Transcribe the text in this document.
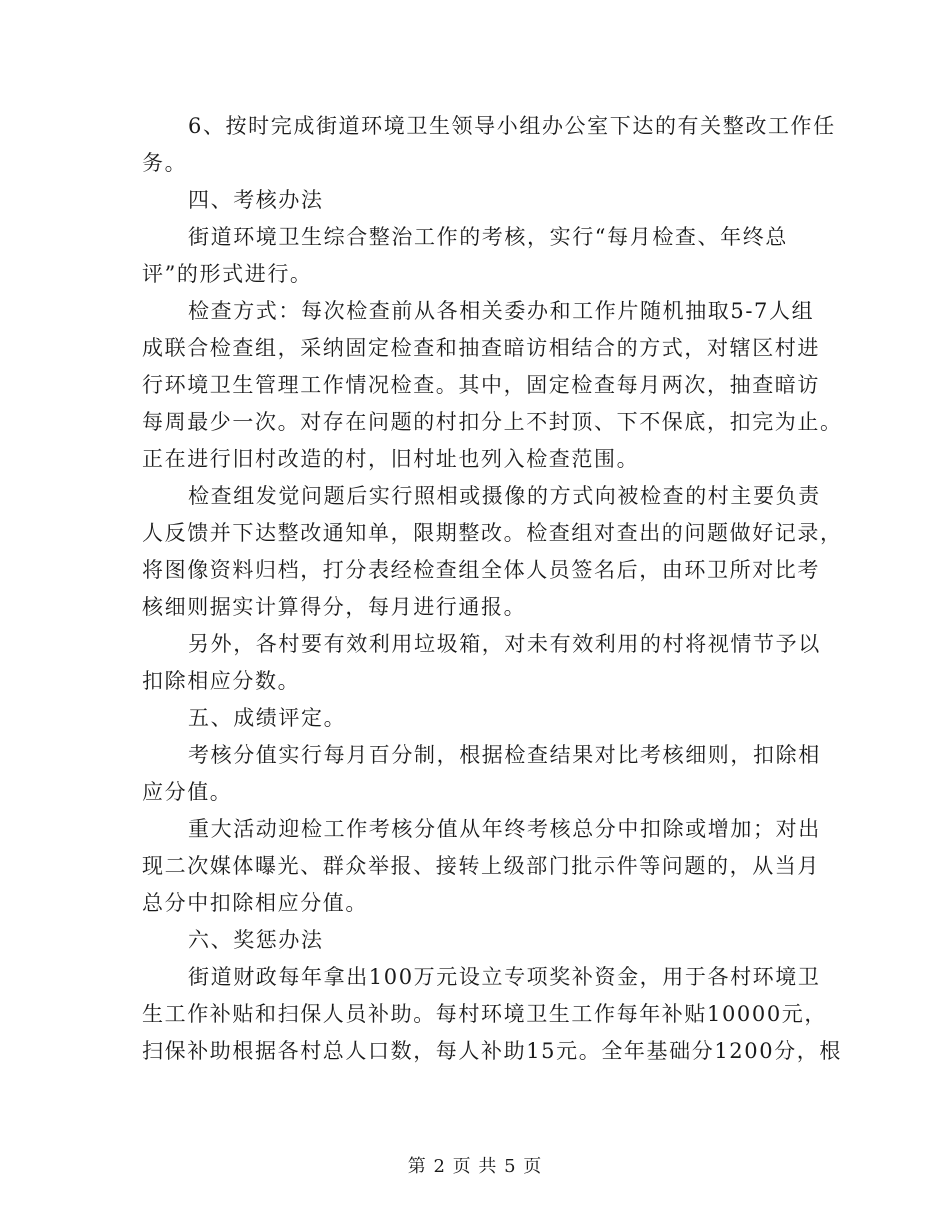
6、按时完成街道环境卫生领导小组办公室下达的有关整改工作任
务。
四、考核办法
街道环境卫生综合整治工作的考核，实行“每月检查、年终总
评”的形式进行。
检查方式：每次检查前从各相关委办和工作片随机抽取5-7人组
成联合检查组，采纳固定检查和抽查暗访相结合的方式，对辖区村进
行环境卫生管理工作情况检查。其中，固定检查每月两次，抽查暗访
每周最少一次。对存在问题的村扣分上不封顶、下不保底，扣完为止。
正在进行旧村改造的村，旧村址也列入检查范围。
检查组发觉问题后实行照相或摄像的方式向被检查的村主要负责
人反馈并下达整改通知单，限期整改。检查组对查出的问题做好记录，
将图像资料归档，打分表经检查组全体人员签名后，由环卫所对比考
核细则据实计算得分，每月进行通报。
另外，各村要有效利用垃圾箱，对未有效利用的村将视情节予以
扣除相应分数。
五、成绩评定。
考核分值实行每月百分制，根据检查结果对比考核细则，扣除相
应分值。
重大活动迎检工作考核分值从年终考核总分中扣除或增加；对出
现二次媒体曝光、群众举报、接转上级部门批示件等问题的，从当月
总分中扣除相应分值。
六、奖惩办法
街道财政每年拿出100万元设立专项奖补资金，用于各村环境卫
生工作补贴和扫保人员补助。每村环境卫生工作每年补贴10000元，
扫保补助根据各村总人口数，每人补助15元。全年基础分1200分，根
第 2 页 共 5 页
